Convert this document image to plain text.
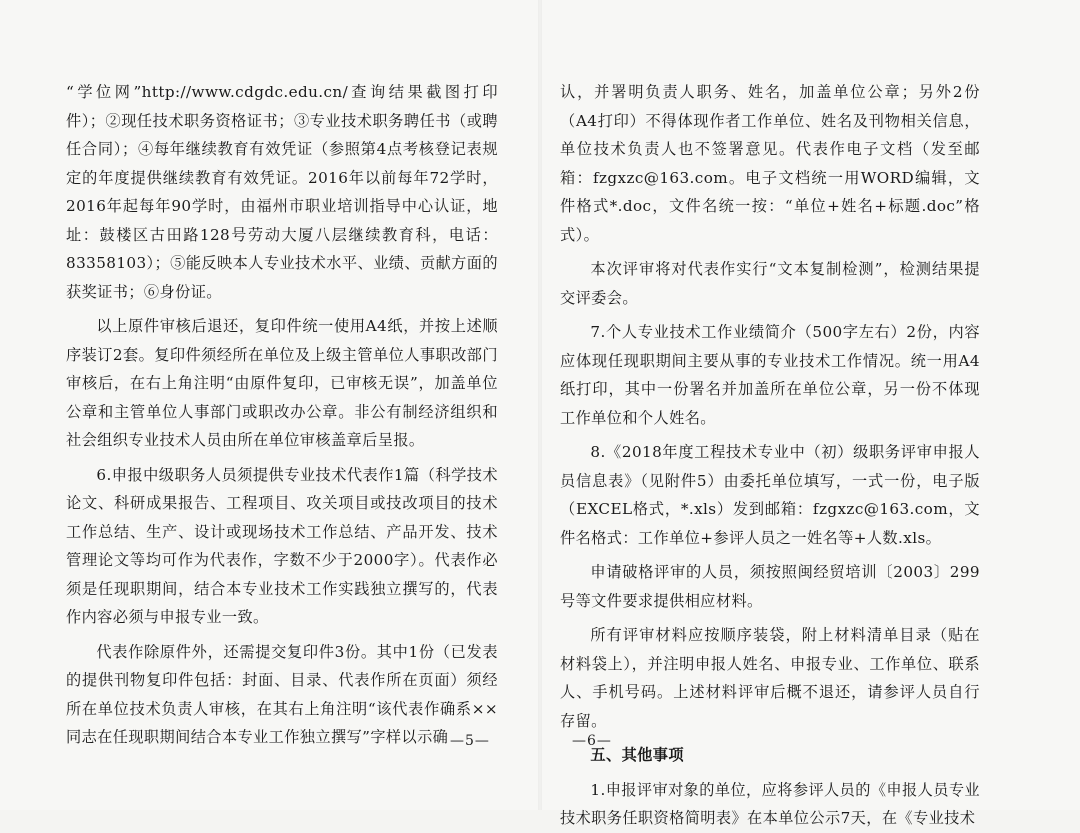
“学位网”http://www.cdgdc.edu.cn/查询结果截图打印件）；②现任技术职务资格证书；③专业技术职务聘任书（或聘任合同）；④每年继续教育有效凭证（参照第4点考核登记表规定的年度提供继续教育有效凭证。2016年以前每年72学时，2016年起每年90学时，由福州市职业培训指导中心认证，地址：鼓楼区古田路128号劳动大厦八层继续教育科，电话：83358103）；⑤能反映本人专业技术水平、业绩、贡献方面的获奖证书；⑥身份证。

以上原件审核后退还，复印件统一使用A4纸，并按上述顺序装订2套。复印件须经所在单位及上级主管单位人事职改部门审核后，在右上角注明“由原件复印，已审核无误”，加盖单位公章和主管单位人事部门或职改办公章。非公有制经济组织和社会组织专业技术人员由所在单位审核盖章后呈报。

6.申报中级职务人员须提供专业技术代表作1篇（科学技术论文、科研成果报告、工程项目、攻关项目或技改项目的技术工作总结、生产、设计或现场技术工作总结、产品开发、技术管理论文等均可作为代表作，字数不少于2000字）。代表作必须是任现职期间，结合本专业技术工作实践独立撰写的，代表作内容必须与申报专业一致。

代表作除原件外，还需提交复印件3份。其中1份（已发表的提供刊物复印件包括：封面、目录、代表作所在页面）须经所在单位技术负责人审核，在其右上角注明“该代表作确系××同志在任现职期间结合本专业工作独立撰写”字样以示确 —5—

认，并署明负责人职务、姓名，加盖单位公章；另外2份（A4打印）不得体现作者工作单位、姓名及刊物相关信息，单位技术负责人也不签署意见。代表作电子文档（发至邮箱：fzgxzc@163.com。电子文档统一用WORD编辑，文件格式*.doc，文件名统一按：“单位+姓名+标题.doc”格式）。

本次评审将对代表作实行“文本复制检测”，检测结果提交评委会。

7.个人专业技术工作业绩简介（500字左右）2份，内容应体现任现职期间主要从事的专业技术工作情况。统一用A4纸打印，其中一份署名并加盖所在单位公章，另一份不体现工作单位和个人姓名。

8.《2018年度工程技术专业中（初）级职务评审申报人员信息表》（见附件5）由委托单位填写，一式一份，电子版（EXCEL格式，*.xls）发到邮箱：fzgxzc@163.com，文件名格式：工作单位+参评人员之一姓名等+人数.xls。

申请破格评审的人员，须按照闽经贸培训〔2003〕299号等文件要求提供相应材料。

所有评审材料应按顺序装袋，附上材料清单目录（贴在材料袋上），并注明申报人姓名、申报专业、工作单位、联系人、手机号码。上述材料评审后概不退还，请参评人员自行存留。

五、其他事项

1.申报评审对象的单位，应将参评人员的《申报人员专业技术职务任职资格简明表》在本单位公示7天，在《专业技术

—6—
